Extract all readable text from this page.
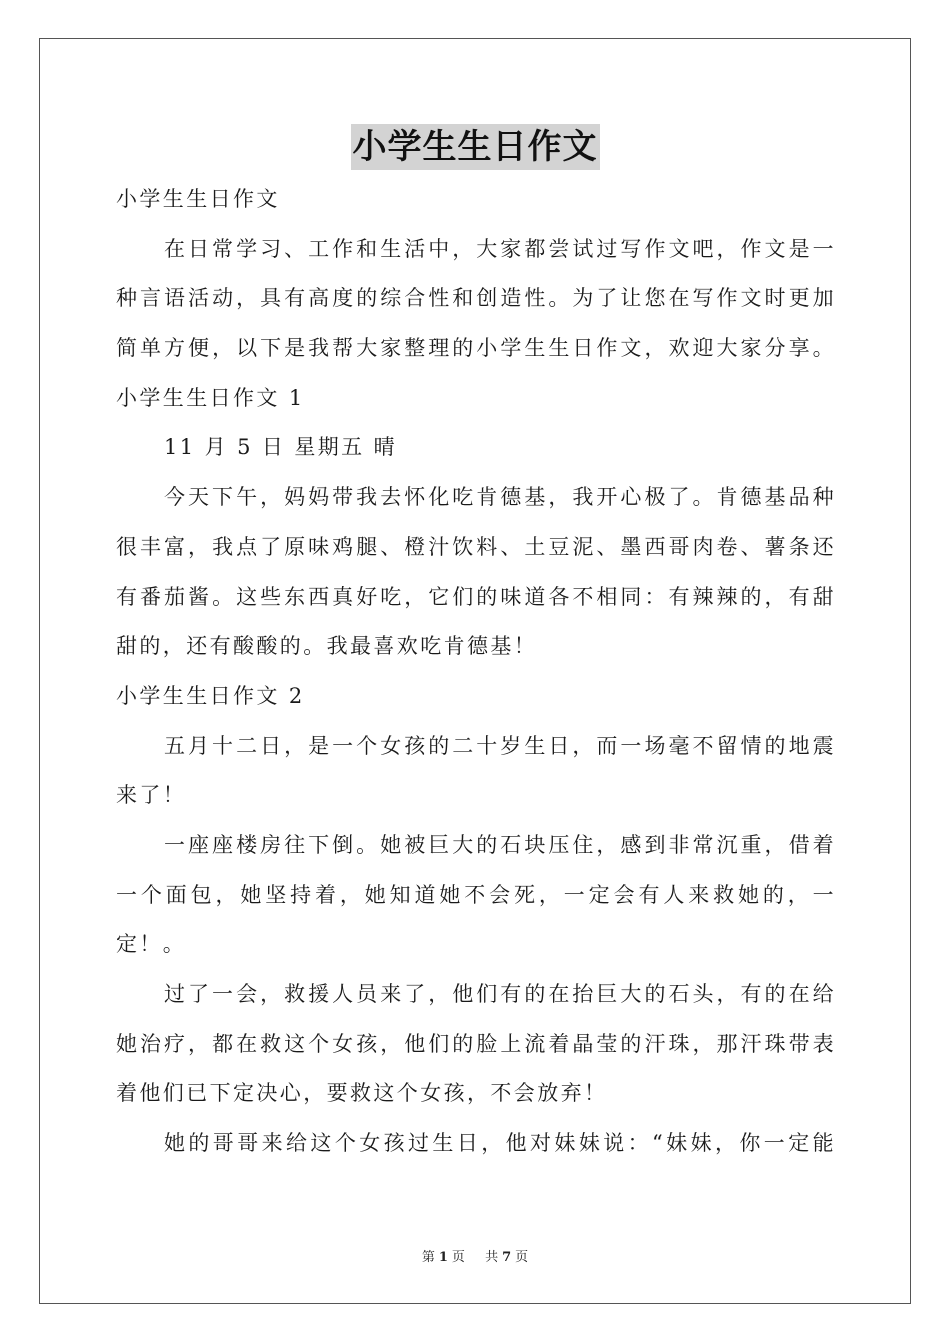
小学生生日作文
小学生生日作文
在日常学习、工作和生活中，大家都尝试过写作文吧，作文是一
种言语活动，具有高度的综合性和创造性。为了让您在写作文时更加
简单方便，以下是我帮大家整理的小学生生日作文，欢迎大家分享。
小学生生日作文 1
11 月 5 日 星期五 晴
今天下午，妈妈带我去怀化吃肯德基，我开心极了。肯德基品种
很丰富，我点了原味鸡腿、橙汁饮料、土豆泥、墨西哥肉卷、薯条还
有番茄酱。这些东西真好吃，它们的味道各不相同：有辣辣的，有甜
甜的，还有酸酸的。我最喜欢吃肯德基！
小学生生日作文 2
五月十二日，是一个女孩的二十岁生日，而一场毫不留情的地震
来了！
一座座楼房往下倒。她被巨大的石块压住，感到非常沉重，借着
一个面包，她坚持着，她知道她不会死，一定会有人来救她的，一
定！。
过了一会，救援人员来了，他们有的在抬巨大的石头，有的在给
她治疗，都在救这个女孩，他们的脸上流着晶莹的汗珠，那汗珠带表
着他们已下定决心，要救这个女孩，不会放弃！
她的哥哥来给这个女孩过生日，他对妹妹说：“妹妹，你一定能
第 1 页 共 7 页
